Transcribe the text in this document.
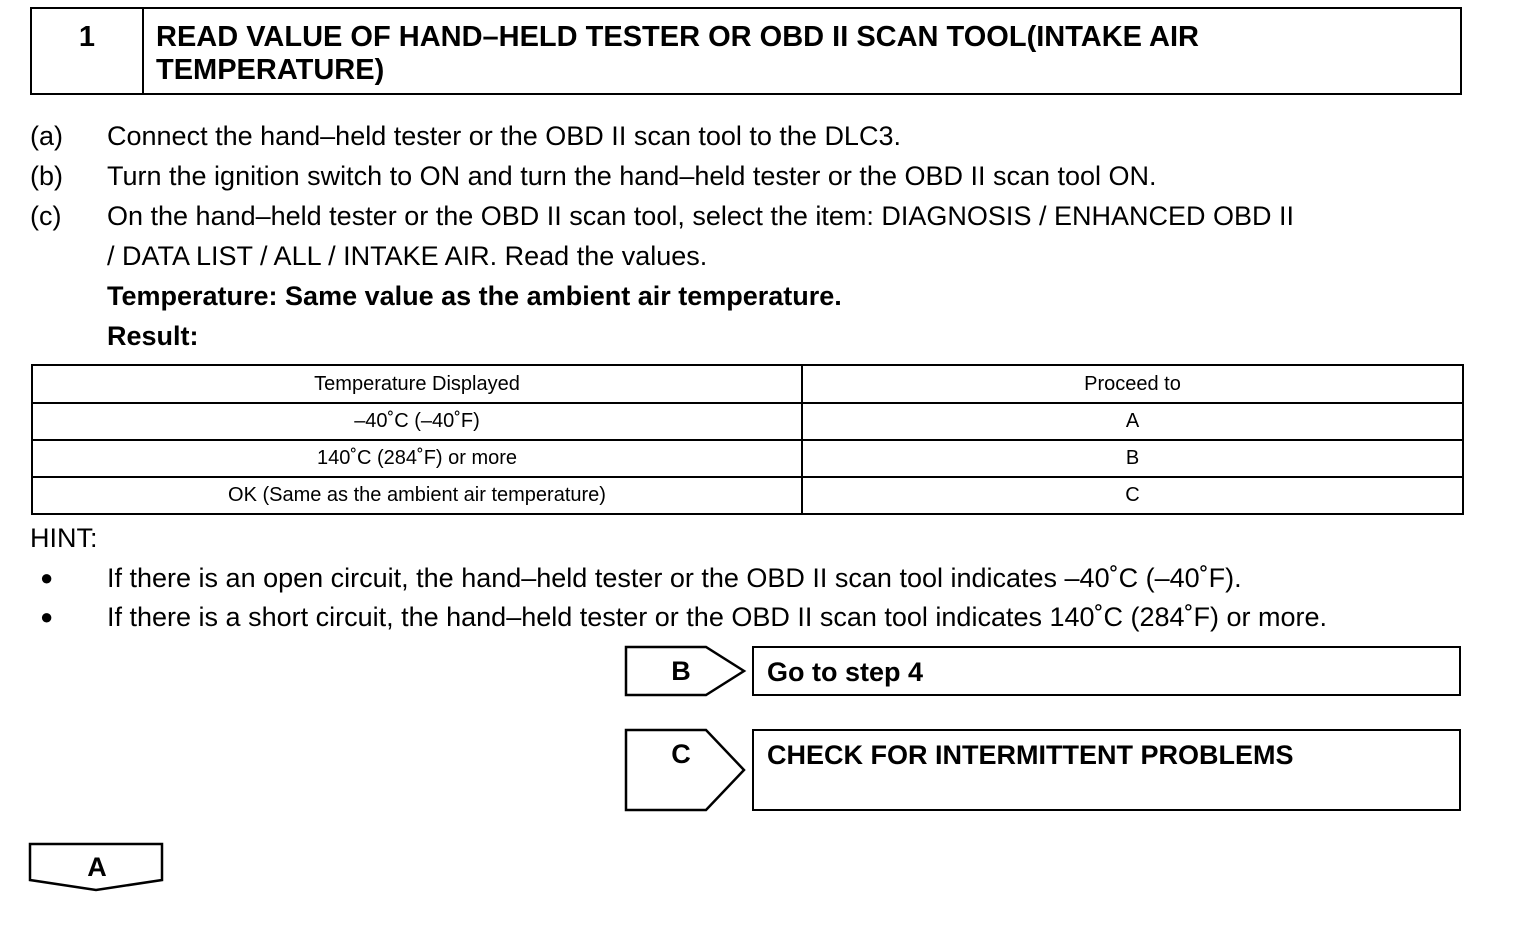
1	READ VALUE OF HAND–HELD TESTER OR OBD II SCAN TOOL(INTAKE AIR
TEMPERATURE)
(a) Connect the hand–held tester or the OBD II scan tool to the DLC3.
(b) Turn the ignition switch to ON and turn the hand–held tester or the OBD II scan tool ON.
(c) On the hand–held tester or the OBD II scan tool, select the item: DIAGNOSIS / ENHANCED OBD II
/ DATA LIST / ALL / INTAKE AIR. Read the values.
Temperature: Same value as the ambient air temperature.
Result:
Temperature Displayed	Proceed to
–40˚C (–40˚F)	A
140˚C (284˚F) or more	B
OK (Same as the ambient air temperature)	C
HINT:
● If there is an open circuit, the hand–held tester or the OBD II scan tool indicates –40˚C (–40˚F).
● If there is a short circuit, the hand–held tester or the OBD II scan tool indicates 140˚C (284˚F) or more.
B	Go to step 4
C	CHECK FOR INTERMITTENT PROBLEMS
A
